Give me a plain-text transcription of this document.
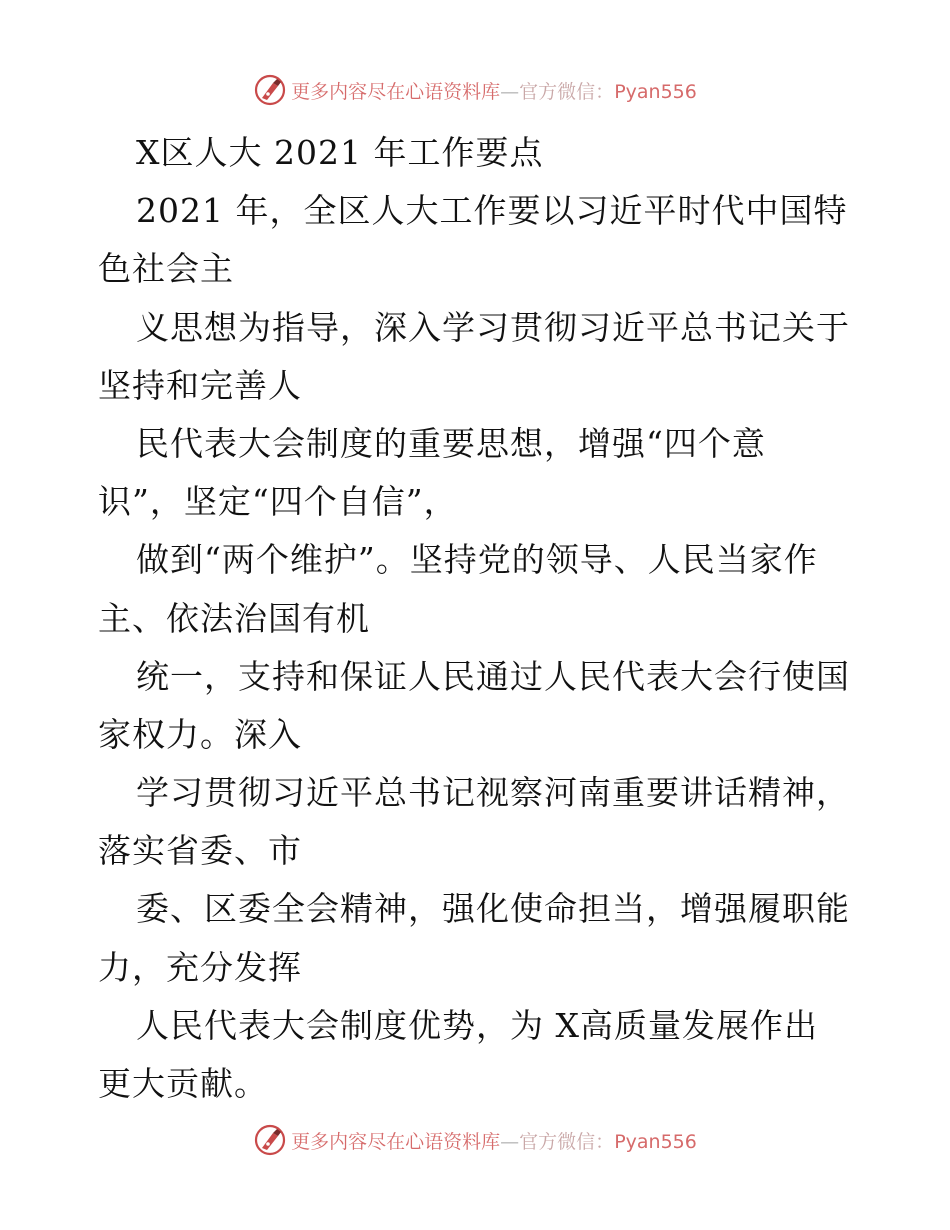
更多内容尽在心语资料库—官方微信：Pyan556
X区人大 2021 年工作要点
2021 年，全区人大工作要以习近平时代中国特
色社会主
义思想为指导，深入学习贯彻习近平总书记关于
坚持和完善人
民代表大会制度的重要思想，增强“四个意
识”，坚定“四个自信”，
做到“两个维护”。坚持党的领导、人民当家作
主、依法治国有机
统一，支持和保证人民通过人民代表大会行使国
家权力。深入
学习贯彻习近平总书记视察河南重要讲话精神，
落实省委、市
委、区委全会精神，强化使命担当，增强履职能
力，充分发挥
人民代表大会制度优势，为 X高质量发展作出
更大贡献。
更多内容尽在心语资料库—官方微信：Pyan556
